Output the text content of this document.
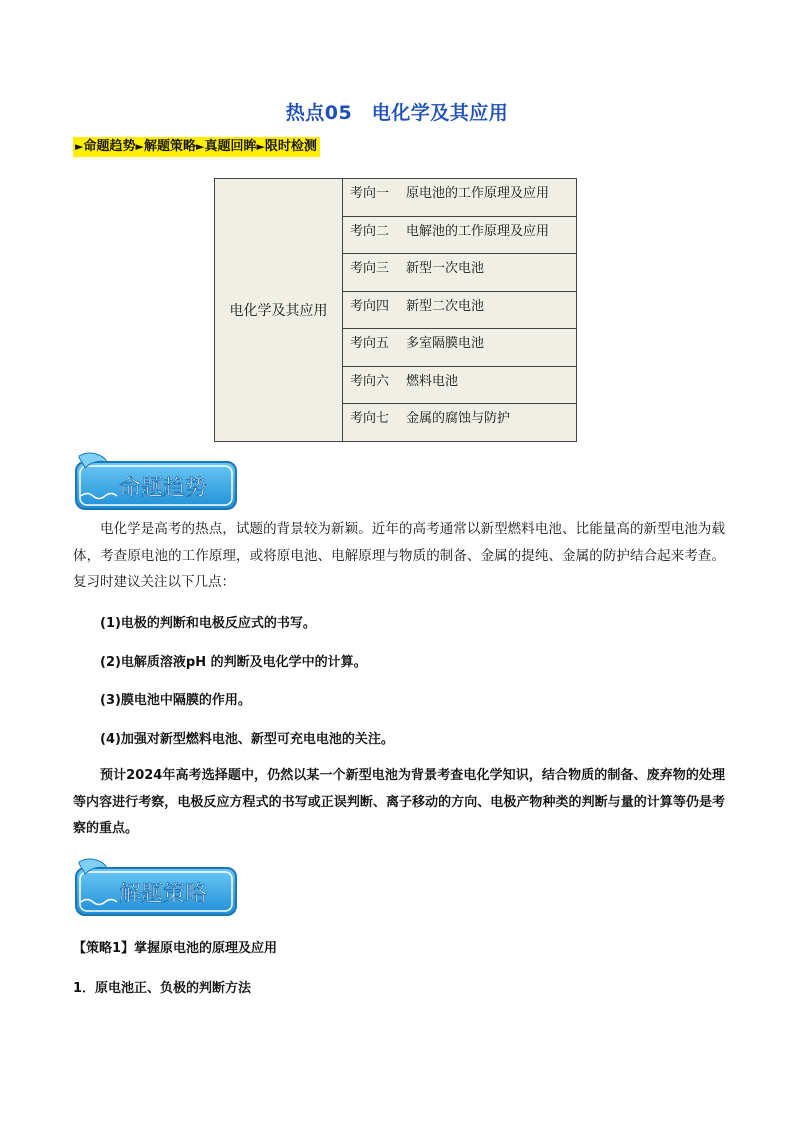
热点05　电化学及其应用
►命题趋势►解题策略►真题回眸►限时检测
电化学及其应用	考向一 原电池的工作原理及应用
考向二 电解池的工作原理及应用
考向三 新型一次电池
考向四 新型二次电池
考向五 多室隔膜电池
考向六 燃料电池
考向七 金属的腐蚀与防护
命题趋势

电化学是高考的热点，试题的背景较为新颖。近年的高考通常以新型燃料电池、比能量高的新型电池为载体，考查原电池的工作原理，或将原电池、电解原理与物质的制备、金属的提纯、金属的防护结合起来考查。复习时建议关注以下几点：

(1)电极的判断和电极反应式的书写。
(2)电解质溶液pH 的判断及电化学中的计算。
(3)膜电池中隔膜的作用。
(4)加强对新型燃料电池、新型可充电电池的关注。

预计2024年高考选择题中，仍然以某一个新型电池为背景考查电化学知识，结合物质的制备、废弃物的处理等内容进行考察，电极反应方程式的书写或正误判断、离子移动的方向、电极产物种类的判断与量的计算等仍是考察的重点。

解题策略
【策略1】掌握原电池的原理及应用
1．原电池正、负极的判断方法
